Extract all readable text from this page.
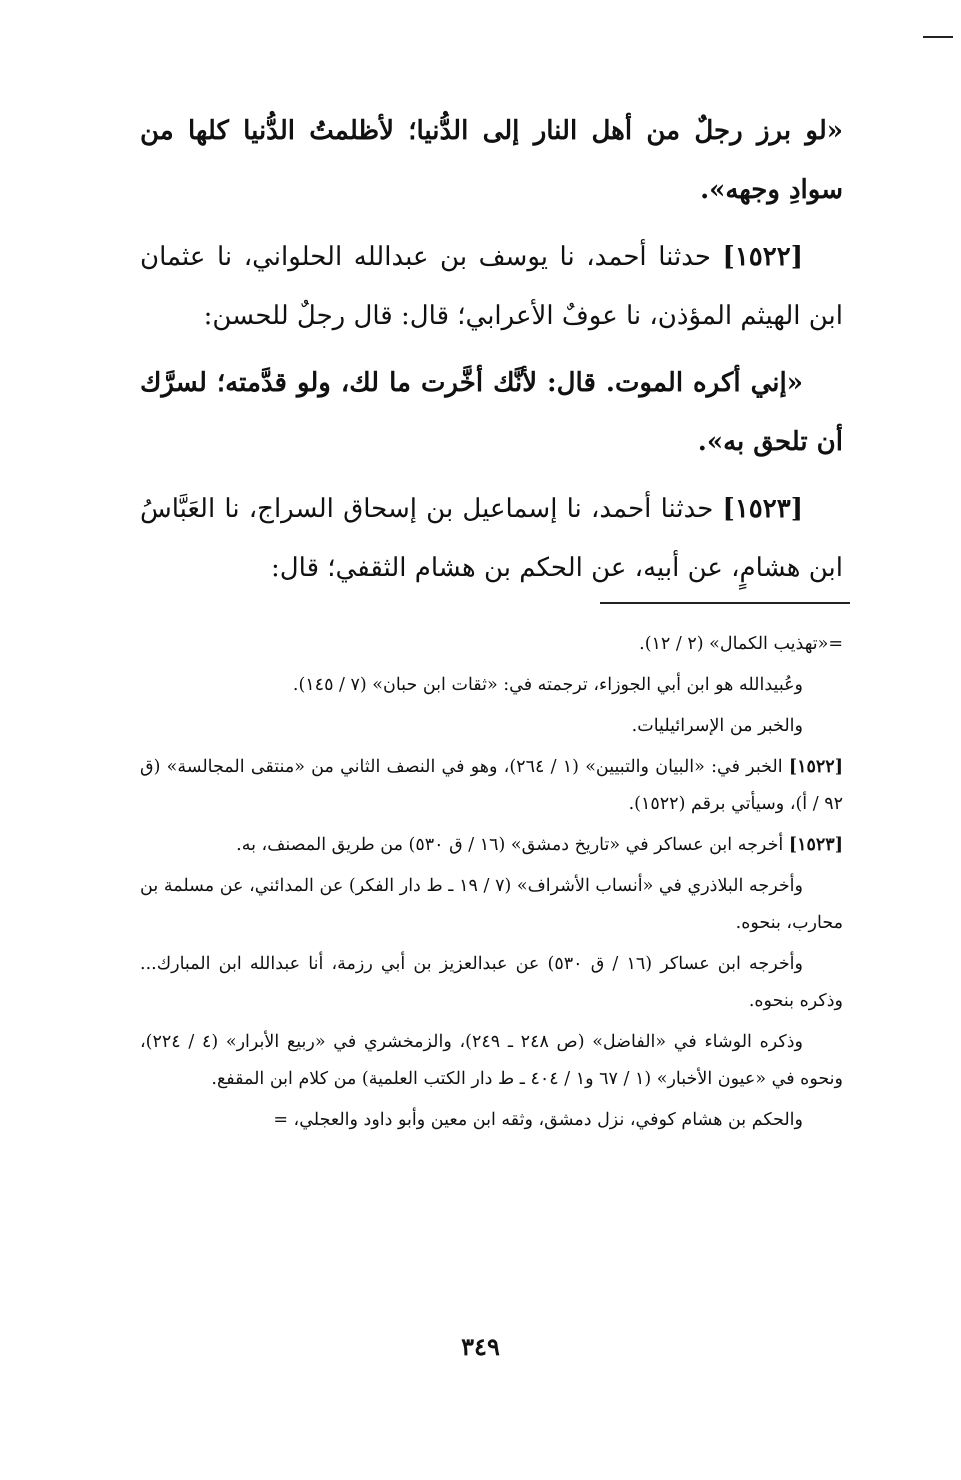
«لو برز رجلٌ من أهل النار إلى الدُّنيا؛ لأظلمتُ الدُّنيا كلها من سوادِ وجهه».

[١٥٢٢] حدثنا أحمد، نا يوسف بن عبدالله الحلواني، نا عثمان ابن الهيثم المؤذن، نا عوفٌ الأعرابي؛ قال: قال رجلٌ للحسن:

«إني أكره الموت. قال: لأنَّك أخَّرت ما لك، ولو قدَّمته؛ لسرَّك أن تلحق به».

[١٥٢٣] حدثنا أحمد، نا إسماعيل بن إسحاق السراج، نا العَبَّاسُ ابن هشامٍ، عن أبيه، عن الحكم بن هشام الثقفي؛ قال:

=«تهذيب الكمال» (٢ / ١٢).

وعُبيدالله هو ابن أبي الجوزاء، ترجمته في: «ثقات ابن حبان» (٧ / ١٤٥).

والخبر من الإسرائيليات.

[١٥٢٢] الخبر في: «البيان والتبيين» (١ / ٢٦٤)، وهو في النصف الثاني من «منتقى المجالسة» (ق ٩٢ / أ)، وسيأتي برقم (١٥٢٢).

[١٥٢٣] أخرجه ابن عساكر في «تاريخ دمشق» (١٦ / ق ٥٣٠) من طريق المصنف، به.

وأخرجه البلاذري في «أنساب الأشراف» (٧ / ١٩ ـ ط دار الفكر) عن المدائني، عن مسلمة بن محارب، بنحوه.

وأخرجه ابن عساكر (١٦ / ق ٥٣٠) عن عبدالعزيز بن أبي رزمة، أنا عبدالله ابن المبارك... وذكره بنحوه.

وذكره الوشاء في «الفاضل» (ص ٢٤٨ ـ ٢٤٩)، والزمخشري في «ربيع الأبرار» (٤ / ٢٢٤)، ونحوه في «عيون الأخبار» (١ / ٦٧ و١ / ٤٠٤ ـ ط دار الكتب العلمية) من كلام ابن المقفع.

والحكم بن هشام كوفي، نزل دمشق، وثقه ابن معين وأبو داود والعجلي، =

٣٤٩
